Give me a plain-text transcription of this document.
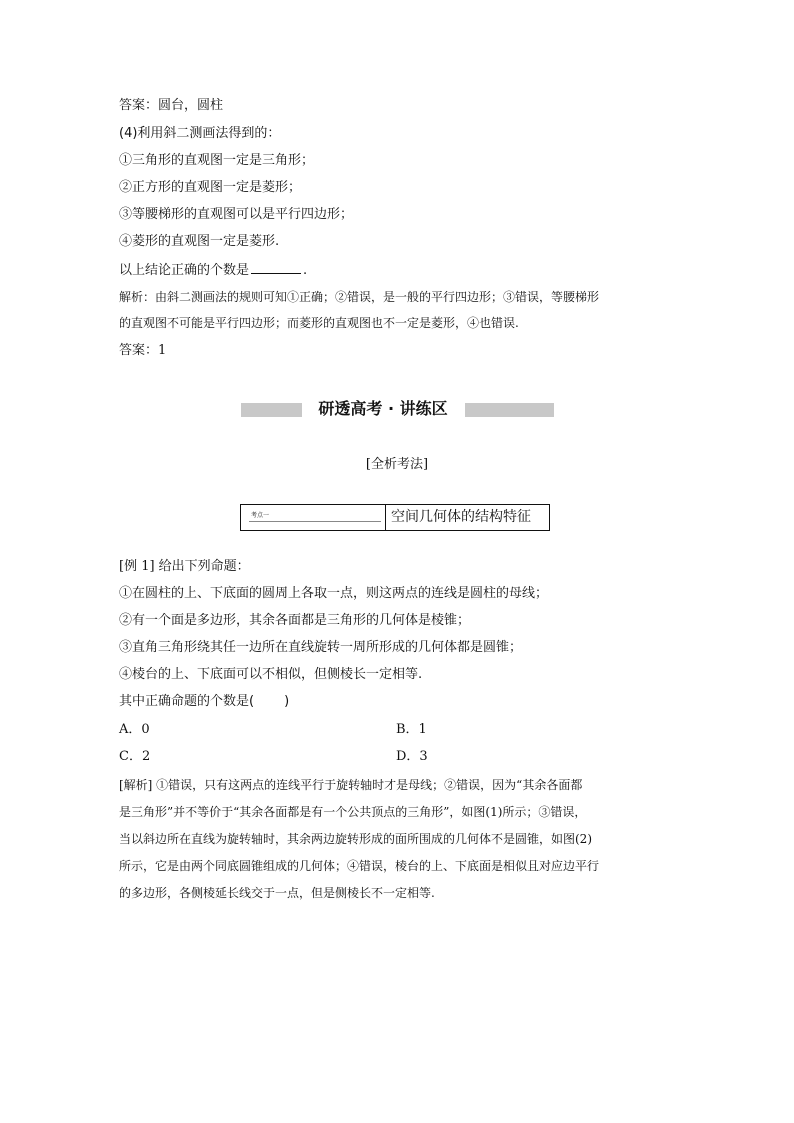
答案：圆台，圆柱
(4)利用斜二测画法得到的：
①三角形的直观图一定是三角形；
②正方形的直观图一定是菱形；
③等腰梯形的直观图可以是平行四边形；
④菱形的直观图一定是菱形.
以上结论正确的个数是	.
解析：由斜二测画法的规则可知①正确；②错误，是一般的平行四边形；③错误，等腰梯形
的直观图不可能是平行四边形；而菱形的直观图也不一定是菱形，④也错误.
答案：1
研透高考 · 讲练区
[全析考法]
考点一	空间几何体的结构特征
[例 1] 给出下列命题：
①在圆柱的上、下底面的圆周上各取一点，则这两点的连线是圆柱的母线；
②有一个面是多边形，其余各面都是三角形的几何体是棱锥；
③直角三角形绕其任一边所在直线旋转一周所形成的几何体都是圆锥；
④棱台的上、下底面可以不相似，但侧棱长一定相等.
其中正确命题的个数是( )
A．0	B．1
C．2	D．3
[解析] ①错误，只有这两点的连线平行于旋转轴时才是母线；②错误，因为“其余各面都
是三角形”并不等价于“其余各面都是有一个公共顶点的三角形”，如图(1)所示；③错误，
当以斜边所在直线为旋转轴时，其余两边旋转形成的面所围成的几何体不是圆锥，如图(2)
所示，它是由两个同底圆锥组成的几何体；④错误，棱台的上、下底面是相似且对应边平行
的多边形，各侧棱延长线交于一点，但是侧棱长不一定相等.
